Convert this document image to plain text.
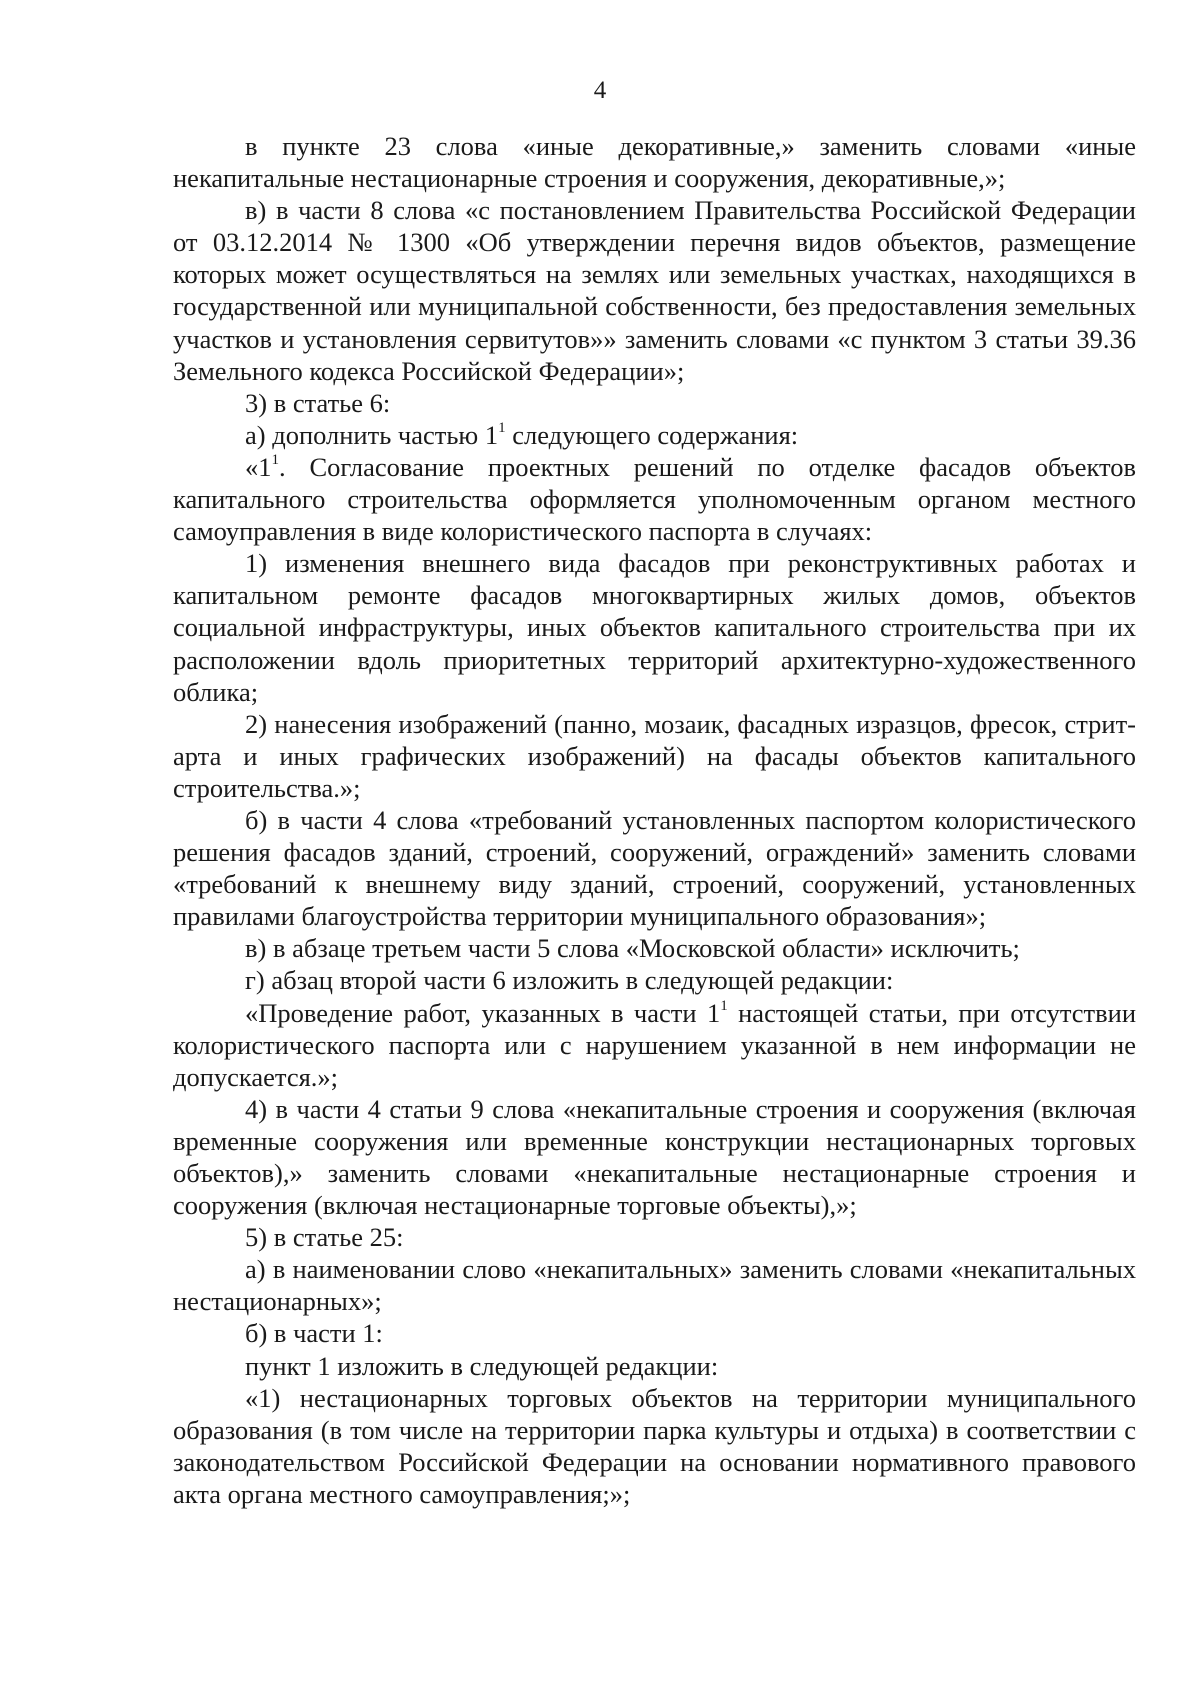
4

в пункте 23 слова «иные декоративные,» заменить словами «иные некапитальные нестационарные строения и сооружения, декоративные,»;

в) в части 8 слова «с постановлением Правительства Российской Федерации от 03.12.2014 № 1300 «Об утверждении перечня видов объектов, размещение которых может осуществляться на землях или земельных участках, находящихся в государственной или муниципальной собственности, без предоставления земельных участков и установления сервитутов»» заменить словами «с пунктом 3 статьи 39.36 Земельного кодекса Российской Федерации»;

3) в статье 6:

а) дополнить частью $1^1$ следующего содержания:

«$1^1$. Согласование проектных решений по отделке фасадов объектов капитального строительства оформляется уполномоченным органом местного самоуправления в виде колористического паспорта в случаях:

1) изменения внешнего вида фасадов при реконструктивных работах и капитальном ремонте фасадов многоквартирных жилых домов, объектов социальной инфраструктуры, иных объектов капитального строительства при их расположении вдоль приоритетных территорий архитектурно-художественного облика;

2) нанесения изображений (панно, мозаик, фасадных изразцов, фресок, стрит-арта и иных графических изображений) на фасады объектов капитального строительства.»;

б) в части 4 слова «требований установленных паспортом колористического решения фасадов зданий, строений, сооружений, ограждений» заменить словами «требований к внешнему виду зданий, строений, сооружений, установленных правилами благоустройства территории муниципального образования»;

в) в абзаце третьем части 5 слова «Московской области» исключить;

г) абзац второй части 6 изложить в следующей редакции:

«Проведение работ, указанных в части $1^1$ настоящей статьи, при отсутствии колористического паспорта или с нарушением указанной в нем информации не допускается.»;

4) в части 4 статьи 9 слова «некапитальные строения и сооружения (включая временные сооружения или временные конструкции нестационарных торговых объектов),» заменить словами «некапитальные нестационарные строения и сооружения (включая нестационарные торговые объекты),»;

5) в статье 25:

а) в наименовании слово «некапитальных» заменить словами «некапитальных нестационарных»;

б) в части 1:

пункт 1 изложить в следующей редакции:

«1) нестационарных торговых объектов на территории муниципального образования (в том числе на территории парка культуры и отдыха) в соответствии с законодательством Российской Федерации на основании нормативного правового акта органа местного самоуправления;»;
